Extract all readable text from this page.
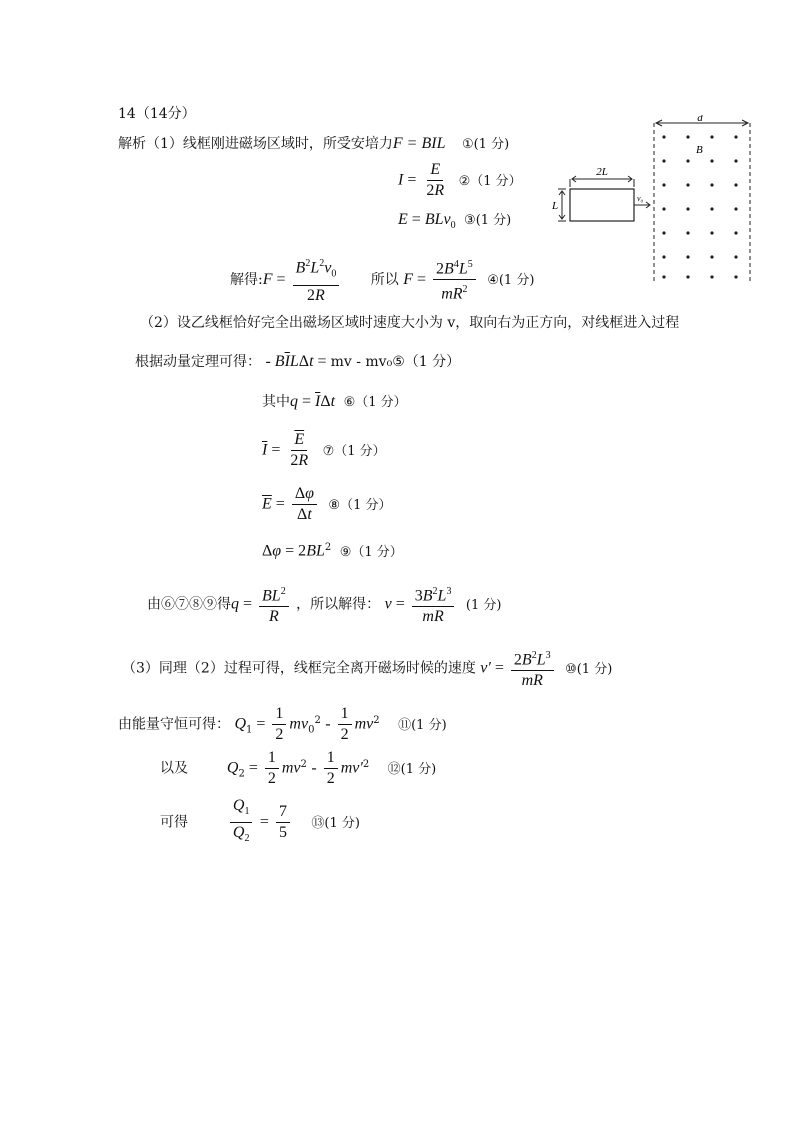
14（14分）
解析（1）线框刚进磁场区域时，所受安培力F = BIL ①(1 分)
$I = \frac{E}{2R}$ ②（1 分）
E = BLv$_0$ ③(1 分)
解得:F = $\frac{B^2L^2v_0}{2R}$ 所以 $F = \frac{2B^4L^5}{mR^2}$ ④(1 分)
d
B
2L
L
v₀
（2）设乙线框恰好完全出磁场区域时速度大小为 v，取向右为正方向，对线框进入过程
根据动量定理可得： - $B\overline{I}L\Delta t$ = mv - mv₀⑤（1 分）
其中$q = \overline{I}\Delta t$ ⑥（1 分）
$\overline{I} = \frac{\overline{E}}{2R}$ ⑦（1 分）
$\overline{E} = \frac{\Delta\varphi}{\Delta t}$ ⑧（1 分）
$\Delta\varphi = 2BL^2$ ⑨（1 分）
由⑥⑦⑧⑨得$q = \frac{BL^2}{R}$ ，所以解得： $v = \frac{3B^2L^3}{mR} (1$ 分)
（3）同理（2）过程可得，线框完全离开磁场时候的速度 $v' = \frac{2B^2L^3}{mR}$ ⑩(1 分)
由能量守恒可得： $Q_1 = \frac{1}{2} mv_0^2 - \frac{1}{2} mv^2$ ⑪(1 分)
以及 $Q_2 = \frac{1}{2} mv^2 - \frac{1}{2} mv'^2$ ⑫(1 分)
可得	$\frac{Q_1}{Q_2} = \frac{7}{5}$ ⑬(1 分)
